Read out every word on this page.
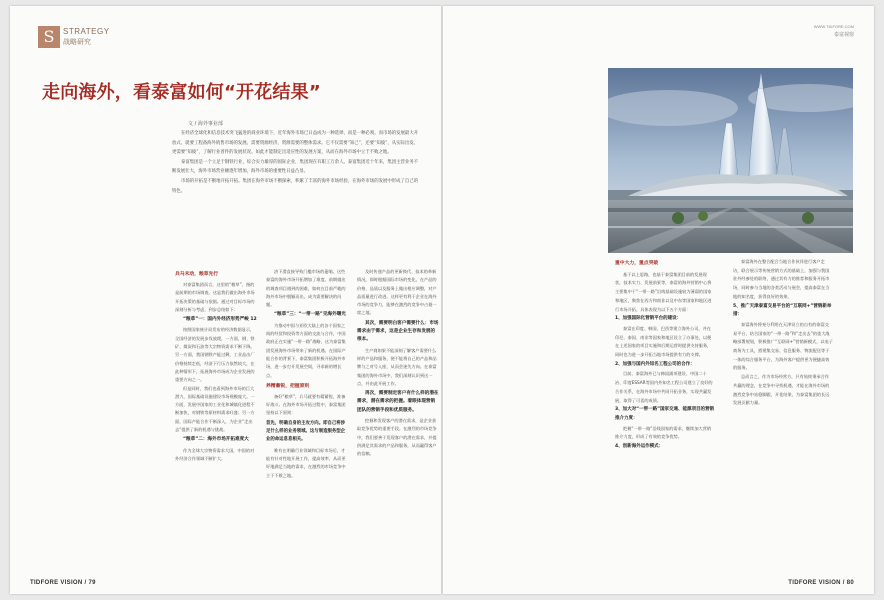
S	STRATEGY
战略研究
走向海外，看泰富如何“开花结果”
文 / 海外事业部

在经济全球化和信息技术突飞猛进的商业环境下，近年海外市场已日益成为一种选择，而是一种必须。而市场的发展最大开放式、就要工程备海外销售市场的发展。需要资源经济，资源需要的整体需求。它不仅需要“知己”，还要“知彼”，从实际出发。更需要“知彼”，了解行业普件的发展状况。如此才能制定出适应性的发展方案，从而在海外市场中立于不败之地。

泰富集团是一个立足于钢铁行业，综合实力雄厚的国际企业，集团现在有职工万余人。泰富集团近十年来，集团主营业务不断发展壮大，海外市场营业额逐年增加，海外市场的重要性日益凸显。

市场的开拓是不断地开拓开拓。集团在海外市场不断探索，积累了丰富的海外市场经验，在海外市场的发展中形成了自己的特色。

兵马未动，粮草先行

对泰富集团而言，这里的“粮草”，指的是前期的市场调查。这是我们做出海外市场开拓决策的基础与依据。通过对目标市场的深刻分析与考虑，到步总结如下：

“粮草”一：国内外经济形势严峻 12

按照国家统计局发布的经济数据显示，全国经济的发展步伐放缓，一方面，钢、铁矿、煤炭和石油等大宗物资需求不断下降。另一方面，我国钢铁产能过剩，工业品出厂价格持续走低，经济下行压力依然较大，在此种情形下，拓展海外市场成为企业发展的重要方向之一。

但是同时，我们也看到海外市场的巨大潜力，国际基础设施建设市场规模庞大。一方面，发展中国家的工业化和城镇化进程不断加快，对钢铁等原材料需求旺盛；另一方面，国际产能合作不断深入，为企业“走出去”提供了新的机遇与挑战。

“粮草”二：海外市场开拓难度大

作为全球大宗物资需求大国，中国的对外经济合作领域不断扩大。

济下滑直接导致门槛市场的萎缩。这些泰富的海外市场开拓增加了难度。前期做出的调查项目遇到的困难，如何在目前严峻的海外市场中脱颖而出，成为需要解决的问题。

“粮草”三：“一带一路”见海外曙光

为推动中国与亚欧大陆上的各个国家之间的经贸和投资等方面的交流与合作，中国政府正在实施“一带一路”战略，这为泰富集团发展海外市场带来了新的机遇。在国际产能合作的背景下，泰富集团积极开拓海外市场，进一步打开发展空间，寻求新的增长点。

养精蓄锐，把握原则

备好“粮草”，兵马就要有精蓄锐，准备好战斗。在海外市场开拓过程中，泰富集团坚持以下原则：

首先，明确自身的主攻方向。即自己将涉足什么样的业务领域。这与制造服务型企业的命运息息相关。

唯有在明确行业领域和目标市场后，才能有针对性地开展工作，提高效率，从而更好地满足当地的需求，在激烈的市场竞争中立于不败之地。

及时传递产品的更新换代、技术的革新情况，即时根据国际市场的变化，在产品的价格、品质以及服务上做出相应调整，对产品质量进行改进。这样更有利于企业在海外市场的竞争力，能够在激烈的竞争中占据一席之地。

其次，需要明白客户需要什么：市场需求由于需求，这是企业生存和发展的根本。

生产商如果不能深刻了解客户需要什么样的产品和服务，便不能将自己的产品和品牌与之对号入座，从而会迷失方向。在泰富集团的海外市场中，我们深刻认识到这一点，并由此开展工作。

再次，需要制定客户有什么样的潜在需求，潜在需求的把握。着眼体现营销团队的营销手段和优质服务。

挖掘和发现客户的潜在需求，是企业获取竞争优势的重要手段。在激烈的市场竞争中，我们要善于发现客户的潜在需求，并提供满足其需求的产品和服务，从而赢得客户的信赖。

TIDFORE VISION / 79
WWW.TIDFORE.COM
泰富视窗
重中大力，重点突破

基于以上思路，也基于泰富集团目前的发展现状，技术实力、发展前景等，泰富的海外营销中心将主要集中于“一带一路”沿线基础设施较为薄弱的国家和地区，聚焦在西方和南非以及中东等国家和地区进行市场开拓。具体表现为以下五个方面：

1、加强国际化营销平台的建设：

泰富在印度、韩国、巴西等建立海外公司，并在印尼、泰国、南非等国家和地区设立了办事处，以便在上述国家的项目实施和后期运营时提供支持服务，同时也为进一步开拓当地市场提供有力的支撑。

2、加强与国内外知名工程公司的合作：

目前，泰富海外已与韩国浦项建设、中国二十冶、印度ESSAR等国内外知名工程公司建立了良好的合作关系，在海外市场中共同开拓业务，实现共赢发展，取得了可喜的成绩。

3、加大对“一带一路”国家交通、能源项目的营销推介力度：

把握“一带一路”沿线国家的需求，继续加大营销推介力度，形成了有效的竞争优势。

4、创新海外运作模式：

泰富海外在整合配合当地合作伙伴进行客户走访，联合展示等传统营销方式的基础上，加强与我国驻外经参处的联络，通过其有力的推荐和服务开拓市场，同时参与当地的各类活动与展会，提高泰富在当地的知名度，获得良好的效果。

5、推广天津泰富交易平台的“互联网+”营销新举措：

泰富海外将充分利用在天津设立的自有的泰富交易平台，结合国家的“一带一路”和“走出去”的重大战略部署规划，积极推广“互联网+”营销新模式，以电子商务为工具，搭建集交易、信息服务、物流配送等于一体的综合服务平台，为海外客户提供更为便捷高效的服务。

总而言之，作为市场经营方，只有始终秉承合作共赢的理念，在竞争中寻找机遇，才能在海外市场的激烈竞争中站稳脚跟，开花结果，为泰富集团的长远发展贡献力量。

TIDFORE VISION / 80
